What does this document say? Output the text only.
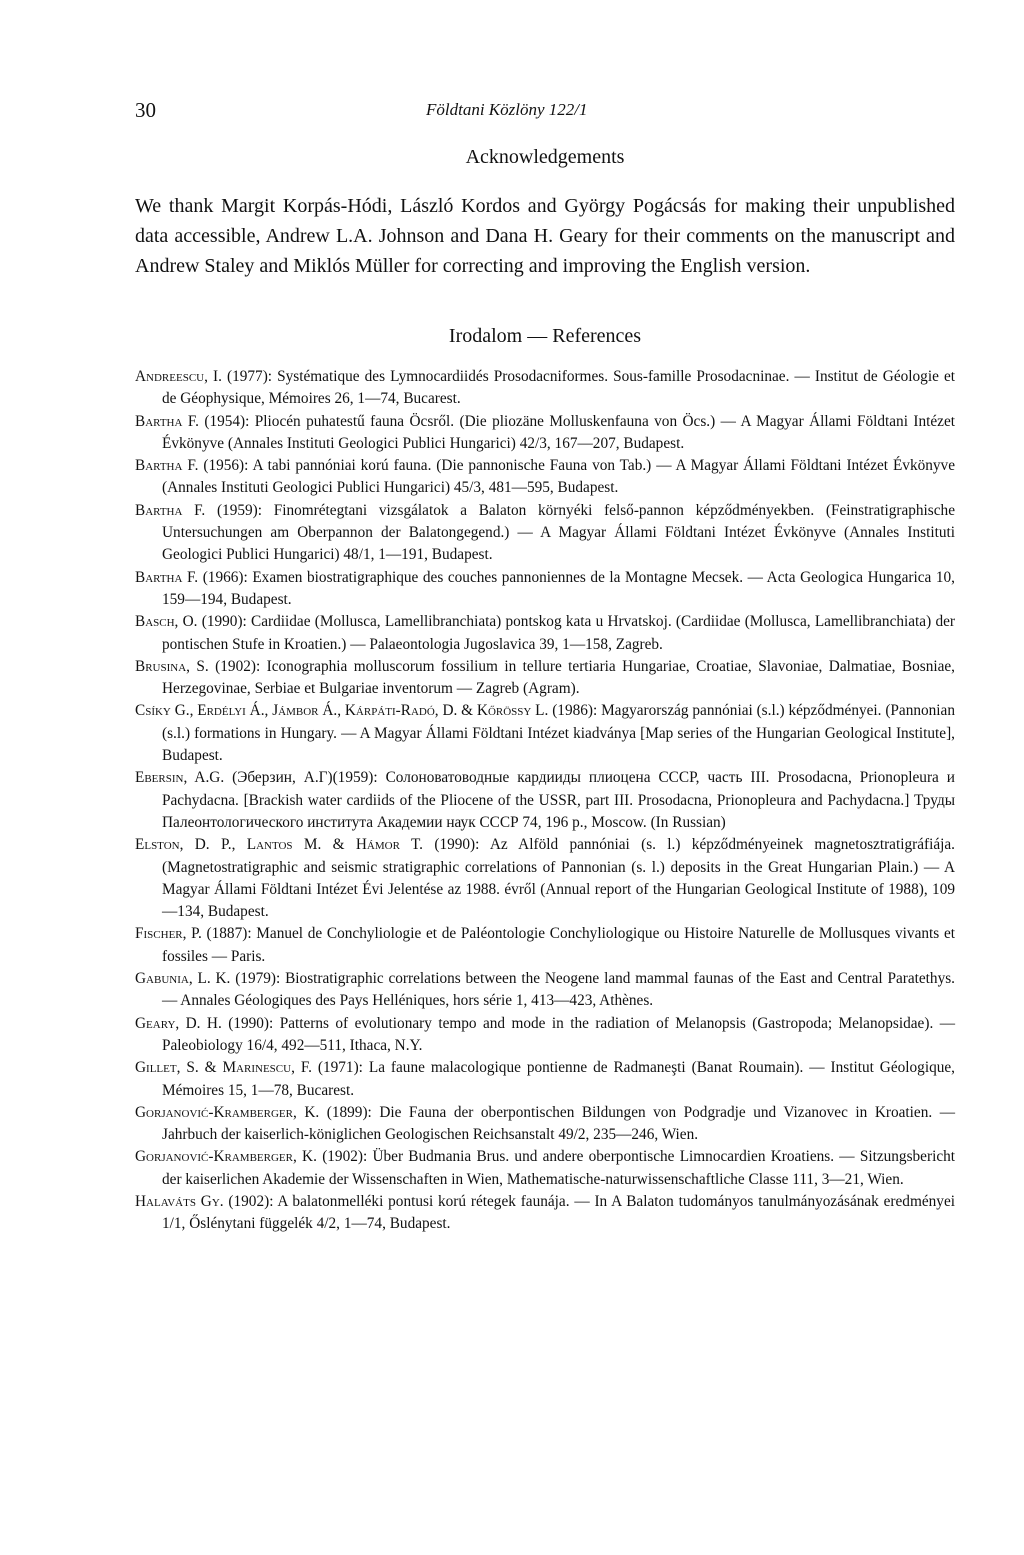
30	Földtani Közlöny 122/1
Acknowledgements

We thank Margit Korpás-Hódi, László Kordos and György Pogácsás for making their unpublished data accessible, Andrew L.A. Johnson and Dana H. Geary for their comments on the manuscript and Andrew Staley and Miklós Müller for correcting and improving the English version.

Irodalom — References
Andreescu, I. (1977): Systématique des Lymnocardiidés Prosodacniformes. Sous-famille Prosodacninae. — Institut de Géologie et de Géophysique, Mémoires 26, 1—74, Bucarest.
Bartha F. (1954): Pliocén puhatestű fauna Öcsről. (Die pliozäne Molluskenfauna von Öcs.) — A Magyar Állami Földtani Intézet Évkönyve (Annales Instituti Geologici Publici Hungarici) 42/3, 167—207, Budapest.
Bartha F. (1956): A tabi pannóniai korú fauna. (Die pannonische Fauna von Tab.) — A Magyar Állami Földtani Intézet Évkönyve (Annales Instituti Geologici Publici Hungarici) 45/3, 481—595, Budapest.
Bartha F. (1959): Finomrétegtani vizsgálatok a Balaton környéki felső-pannon képződményekben. (Feinstratigraphische Untersuchungen am Oberpannon der Balatongegend.) — A Magyar Állami Földtani Intézet Évkönyve (Annales Instituti Geologici Publici Hungarici) 48/1, 1—191, Budapest.
Bartha F. (1966): Examen biostratigraphique des couches pannoniennes de la Montagne Mecsek. — Acta Geologica Hungarica 10, 159—194, Budapest.
Basch, O. (1990): Cardiidae (Mollusca, Lamellibranchiata) pontskog kata u Hrvatskoj. (Cardiidae (Mollusca, Lamellibranchiata) der pontischen Stufe in Kroatien.) — Palaeontologia Jugoslavica 39, 1—158, Zagreb.
Brusina, S. (1902): Iconographia molluscorum fossilium in tellure tertiaria Hungariae, Croatiae, Slavoniae, Dalmatiae, Bosniae, Herzegovinae, Serbiae et Bulgariae inventorum — Zagreb (Agram).
Csíky G., Erdélyi Á., Jámbor Á., Kárpáti-Radó, D. & Kőrössy L. (1986): Magyarország pannóniai (s.l.) képződményei. (Pannonian (s.l.) formations in Hungary. — A Magyar Állami Földtani Intézet kiadványa [Map series of the Hungarian Geological Institute], Budapest.
Ebersin, A.G. (Эберзин, А.Г)(1959): Солоноватоводные кардииды плиоцена СССР, часть III. Prosodacna, Prionopleura и Pachydacna. [Brackish water cardiids of the Pliocene of the USSR, part III. Prosodacna, Prionopleura and Pachydacna.] Труды Палеонтологического института Академии наук СССР 74, 196 p., Moscow. (In Russian)
Elston, D. P., Lantos M. & Hámor T. (1990): Az Alföld pannóniai (s. l.) képződményeinek magnetosztratigráfiája. (Magnetostratigraphic and seismic stratigraphic correlations of Pannonian (s. l.) deposits in the Great Hungarian Plain.) — A Magyar Állami Földtani Intézet Évi Jelentése az 1988. évről (Annual report of the Hungarian Geological Institute of 1988), 109—134, Budapest.
Fischer, P. (1887): Manuel de Conchyliologie et de Paléontologie Conchyliologique ou Histoire Naturelle de Mollusques vivants et fossiles — Paris.
Gabunia, L. K. (1979): Biostratigraphic correlations between the Neogene land mammal faunas of the East and Central Paratethys. — Annales Géologiques des Pays Helléniques, hors série 1, 413—423, Athènes.
Geary, D. H. (1990): Patterns of evolutionary tempo and mode in the radiation of Melanopsis (Gastropoda; Melanopsidae). — Paleobiology 16/4, 492—511, Ithaca, N.Y.
Gillet, S. & Marinescu, F. (1971): La faune malacologique pontienne de Radmaneşti (Banat Roumain). — Institut Géologique, Mémoires 15, 1—78, Bucarest.
Gorjanović-Kramberger, K. (1899): Die Fauna der oberpontischen Bildungen von Podgradje und Vizanovec in Kroatien. — Jahrbuch der kaiserlich-königlichen Geologischen Reichsanstalt 49/2, 235—246, Wien.
Gorjanović-Kramberger, K. (1902): Über Budmania Brus. und andere oberpontische Limnocardien Kroatiens. — Sitzungsbericht der kaiserlichen Akademie der Wissenschaften in Wien, Mathematische-naturwissenschaftliche Classe 111, 3—21, Wien.
Halaváts Gy. (1902): A balatonmelléki pontusi korú rétegek faunája. — In A Balaton tudományos tanulmányozásának eredményei 1/1, Őslénytani függelék 4/2, 1—74, Budapest.
